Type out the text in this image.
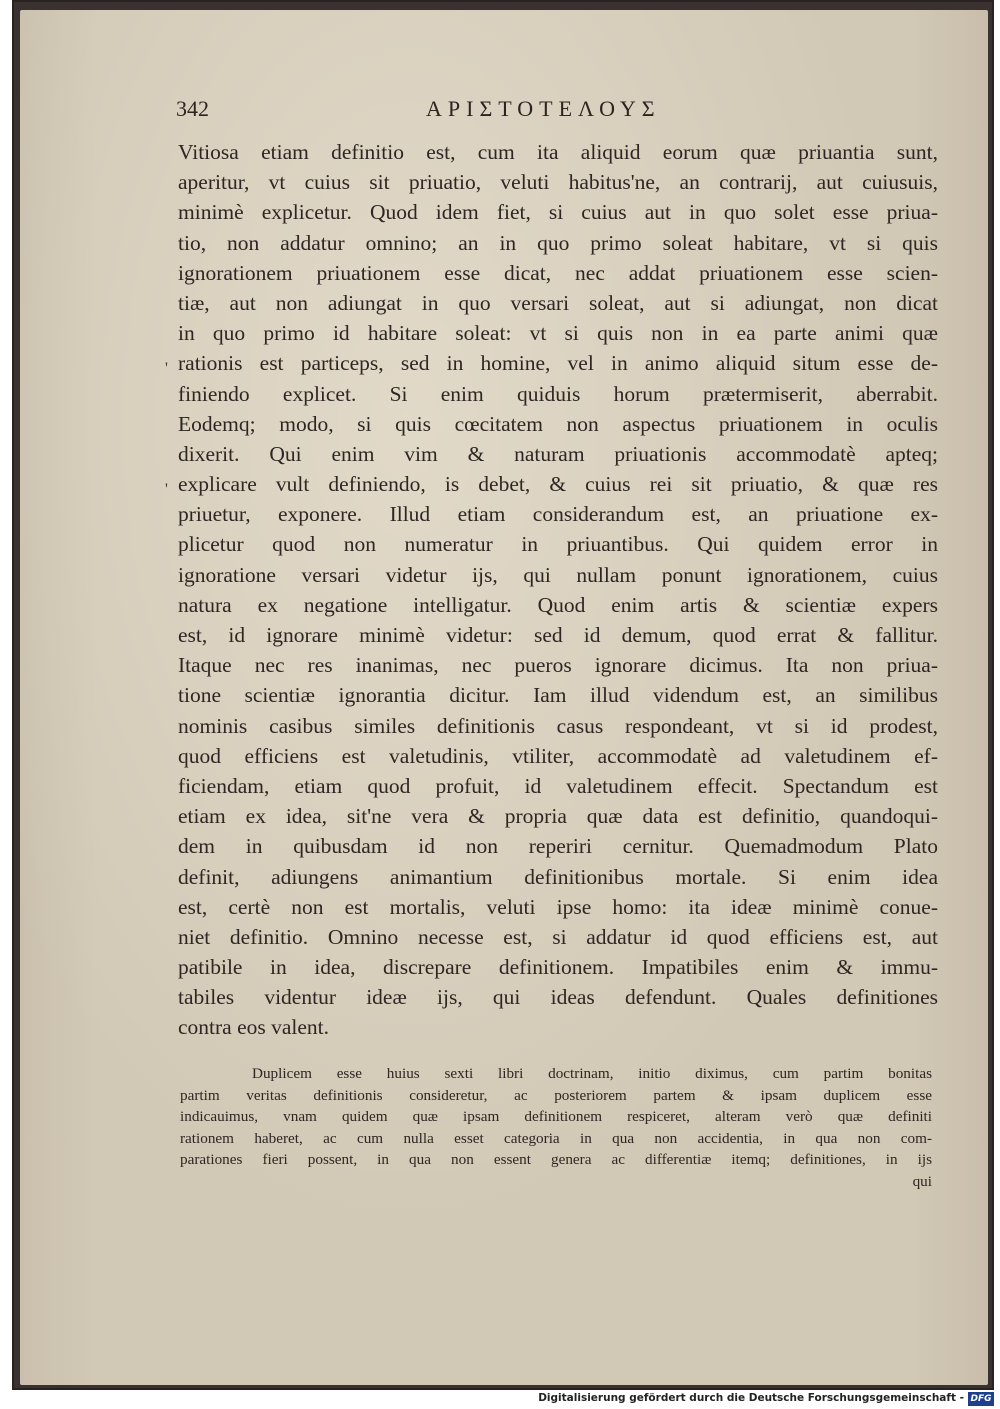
342	ΑΡΙΣΤΟΤΕΛΟΥΣ
Vitiosa etiam definitio est, cum ita aliquid eorum quæ priuantia sunt,
aperitur, vt cuius sit priuatio, veluti habitus'ne, an contrarij, aut cuiusuis,
minimè explicetur. Quod idem fiet, si cuius aut in quo solet esse priua-
tio, non addatur omnino; an in quo primo soleat habitare, vt si quis
ignorationem priuationem esse dicat, nec addat priuationem esse scien-
tiæ, aut non adiungat in quo versari soleat, aut si adiungat, non dicat
in quo primo id habitare soleat: vt si quis non in ea parte animi quæ
rationis est particeps, sed in homine, vel in animo aliquid situm esse de-
finiendo explicet. Si enim quiduis horum prætermiserit, aberrabit.
Eodemq; modo, si quis cœcitatem non aspectus priuationem in oculis
dixerit. Qui enim vim & naturam priuationis accommodatè apteq;
explicare vult definiendo, is debet, & cuius rei sit priuatio, & quæ res
priuetur, exponere. Illud etiam considerandum est, an priuatione ex-
plicetur quod non numeratur in priuantibus. Qui quidem error in
ignoratione versari videtur ijs, qui nullam ponunt ignorationem, cuius
natura ex negatione intelligatur. Quod enim artis & scientiæ expers
est, id ignorare minimè videtur: sed id demum, quod errat & fallitur.
Itaque nec res inanimas, nec pueros ignorare dicimus. Ita non priua-
tione scientiæ ignorantia dicitur. Iam illud videndum est, an similibus
nominis casibus similes definitionis casus respondeant, vt si id prodest,
quod efficiens est valetudinis, vtiliter, accommodatè ad valetudinem ef-
ficiendam, etiam quod profuit, id valetudinem effecit. Spectandum est
etiam ex idea, sit'ne vera & propria quæ data est definitio, quandoqui-
dem in quibusdam id non reperiri cernitur. Quemadmodum Plato
definit, adiungens animantium definitionibus mortale. Si enim idea
est, certè non est mortalis, veluti ipse homo: ita ideæ minimè conue-
niet definitio. Omnino necesse est, si addatur id quod efficiens est, aut
patibile in idea, discrepare definitionem. Impatibiles enim & immu-
tabiles videntur ideæ ijs, qui ideas defendunt. Quales definitiones
contra eos valent.
'
'
Duplicem esse huius sexti libri doctrinam, initio diximus, cum partim bonitas
partim veritas definitionis consideretur, ac posteriorem partem & ipsam duplicem esse
indicauimus, vnam quidem quæ ipsam definitionem respiceret, alteram verò quæ definiti
rationem haberet, ac cum nulla esset categoria in qua non accidentia, in qua non com-
parationes fieri possent, in qua non essent genera ac differentiæ itemq; definitiones, in ijs
qui
Digitalisierung gefördert durch die Deutsche Forschungsgemeinschaft - DFG
